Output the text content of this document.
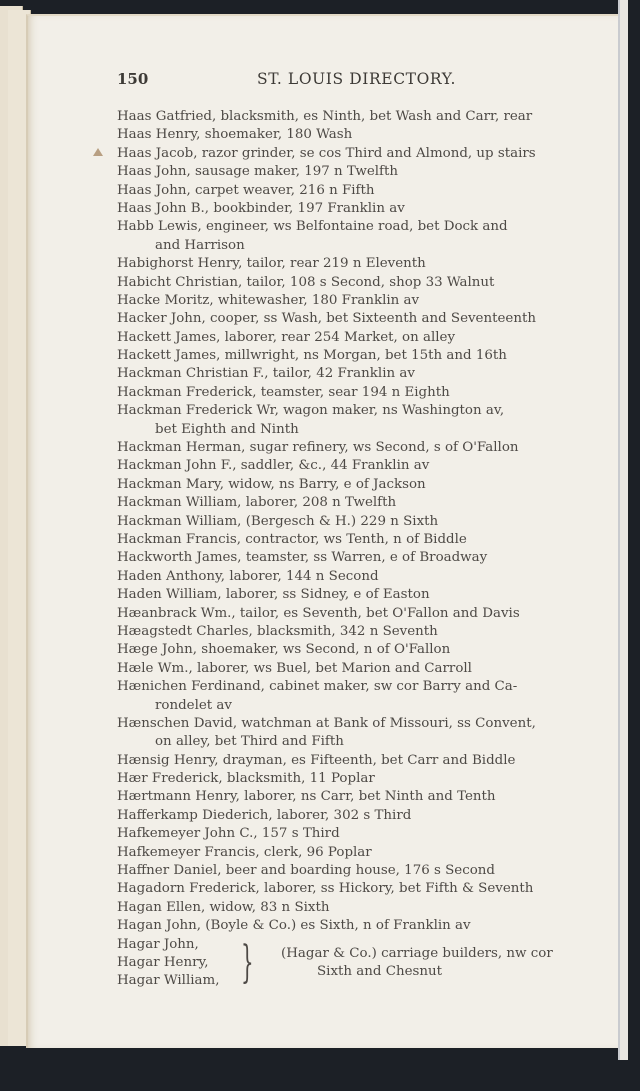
150	ST. LOUIS DIRECTORY.
Haas Gatfried, blacksmith, es Ninth, bet Wash and Carr, rear
Haas Henry, shoemaker, 180 Wash
Haas Jacob, razor grinder, se cos Third and Almond, up stairs
Haas John, sausage maker, 197 n Twelfth
Haas John, carpet weaver, 216 n Fifth
Haas John B., bookbinder, 197 Franklin av
Habb Lewis, engineer, ws Belfontaine road, bet Dock and
and Harrison
Habighorst Henry, tailor, rear 219 n Eleventh
Habicht Christian, tailor, 108 s Second, shop 33 Walnut
Hacke Moritz, whitewasher, 180 Franklin av
Hacker John, cooper, ss Wash, bet Sixteenth and Seventeenth
Hackett James, laborer, rear 254 Market, on alley
Hackett James, millwright, ns Morgan, bet 15th and 16th
Hackman Christian F., tailor, 42 Franklin av
Hackman Frederick, teamster, sear 194 n Eighth
Hackman Frederick Wr, wagon maker, ns Washington av,
bet Eighth and Ninth
Hackman Herman, sugar refinery, ws Second, s of O'Fallon
Hackman John F., saddler, &c., 44 Franklin av
Hackman Mary, widow, ns Barry, e of Jackson
Hackman William, laborer, 208 n Twelfth
Hackman William, (Bergesch & H.) 229 n Sixth
Hackman Francis, contractor, ws Tenth, n of Biddle
Hackworth James, teamster, ss Warren, e of Broadway
Haden Anthony, laborer, 144 n Second
Haden William, laborer, ss Sidney, e of Easton
Hæanbrack Wm., tailor, es Seventh, bet O'Fallon and Davis
Hæagstedt Charles, blacksmith, 342 n Seventh
Hæge John, shoemaker, ws Second, n of O'Fallon
Hæle Wm., laborer, ws Buel, bet Marion and Carroll
Hænichen Ferdinand, cabinet maker, sw cor Barry and Ca-
rondelet av
Hænschen David, watchman at Bank of Missouri, ss Convent,
on alley, bet Third and Fifth
Hænsig Henry, drayman, es Fifteenth, bet Carr and Biddle
Hær Frederick, blacksmith, 11 Poplar
Hærtmann Henry, laborer, ns Carr, bet Ninth and Tenth
Hafferkamp Diederich, laborer, 302 s Third
Hafkemeyer John C., 157 s Third
Hafkemeyer Francis, clerk, 96 Poplar
Haffner Daniel, beer and boarding house, 176 s Second
Hagadorn Frederick, laborer, ss Hickory, bet Fifth & Seventh
Hagan Ellen, widow, 83 n Sixth
Hagan John, (Boyle & Co.) es Sixth, n of Franklin av
Hagar John,
Hagar Henry,
Hagar William, } (Hagar & Co.) carriage builders, nw cor
Sixth and Chesnut
